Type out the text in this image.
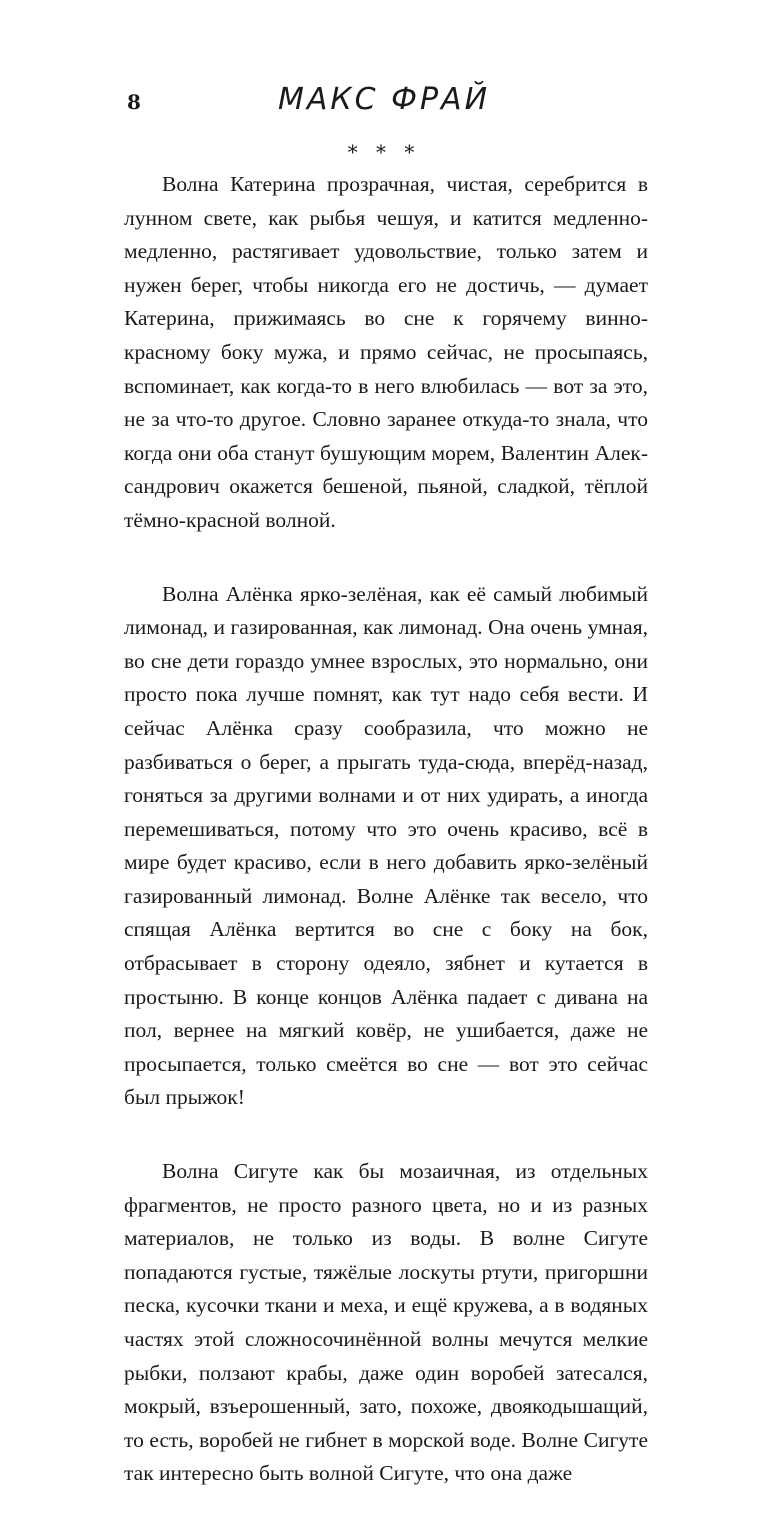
8	МАКС ФРАЙ
* * *

Волна Катерина прозрачная, чистая, серебрится в лунном свете, как рыбья чешуя, и катится медленно-медленно, растягивает удовольствие, только затем и нужен берег, чтобы никогда его не достичь, — думает Катерина, прижимаясь во сне к горячему винно-красному боку мужа, и прямо сейчас, не просыпаясь, вспоминает, как когда-то в него влюбилась — вот за это, не за что-то другое. Словно заранее откуда-то знала, что когда они оба станут бушующим морем, Валентин Александрович окажется бешеной, пьяной, сладкой, тёплой тёмно-красной волной.

Волна Алёнка ярко-зелёная, как её самый любимый лимонад, и газированная, как лимонад. Она очень умная, во сне дети гораздо умнее взрослых, это нормально, они просто пока лучше помнят, как тут надо себя вести. И сейчас Алёнка сразу сообразила, что можно не разбиваться о берег, а прыгать туда-сюда, вперёд-назад, гоняться за другими волнами и от них удирать, а иногда перемешиваться, потому что это очень красиво, всё в мире будет красиво, если в него добавить ярко-зелёный газированный лимонад. Волне Алёнке так весело, что спящая Алёнка вертится во сне с боку на бок, отбрасывает в сторону одеяло, зябнет и кутается в простыню. В конце концов Алёнка падает с дивана на пол, вернее на мягкий ковёр, не ушибается, даже не просыпается, только смеётся во сне — вот это сейчас был прыжок!

Волна Сигуте как бы мозаичная, из отдельных фрагментов, не просто разного цвета, но и из разных материалов, не только из воды. В волне Сигуте попадаются густые, тяжёлые лоскуты ртути, пригоршни песка, кусочки ткани и меха, и ещё кружева, а в водяных частях этой сложносочинённой волны мечутся мелкие рыбки, ползают крабы, даже один воробей затесался, мокрый, взъерошенный, зато, похоже, двоякодышащий, то есть, воробей не гибнет в морской воде. Волне Сигуте так интересно быть волной Сигуте, что она даже
